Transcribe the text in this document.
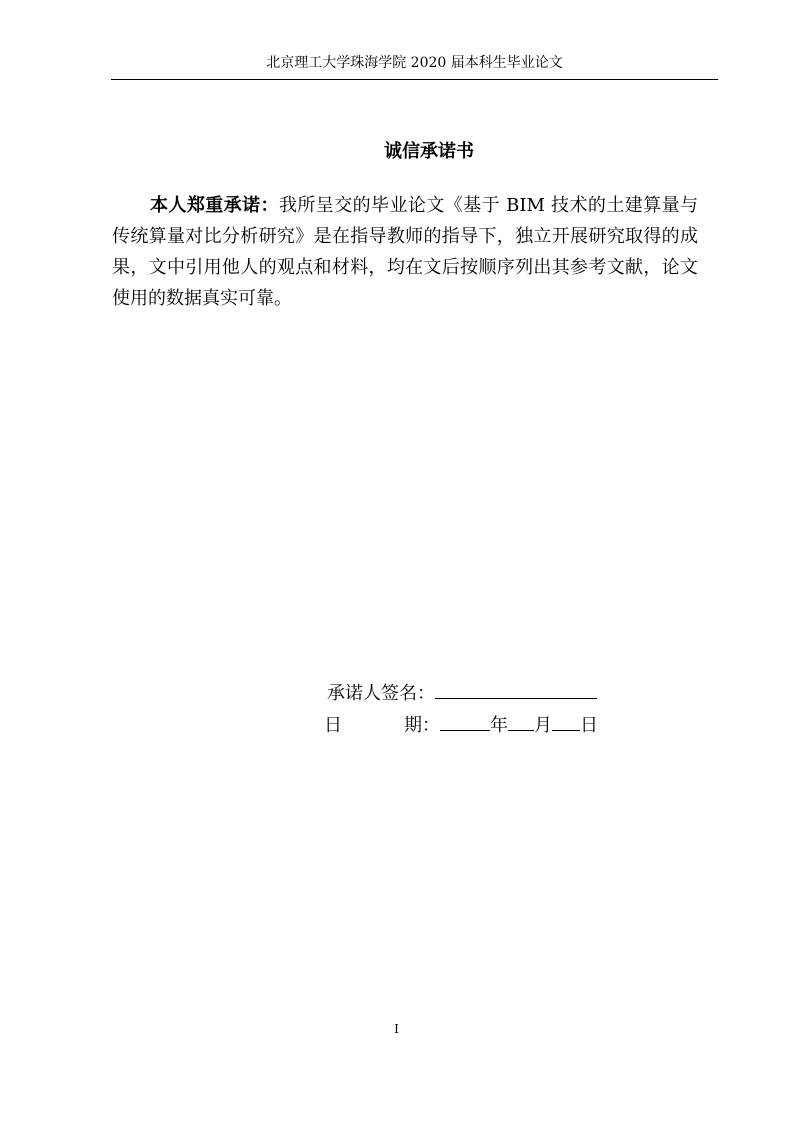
北京理工大学珠海学院 2020 届本科生毕业论文
诚信承诺书

本人郑重承诺：我所呈交的毕业论文《基于 BIM 技术的土建算量与传统算量对比分析研究》是在指导教师的指导下，独立开展研究取得的成果，文中引用他人的观点和材料，均在文后按顺序列出其参考文献，论文使用的数据真实可靠。

承诺人签名：
日	期：	年 月 日
I
